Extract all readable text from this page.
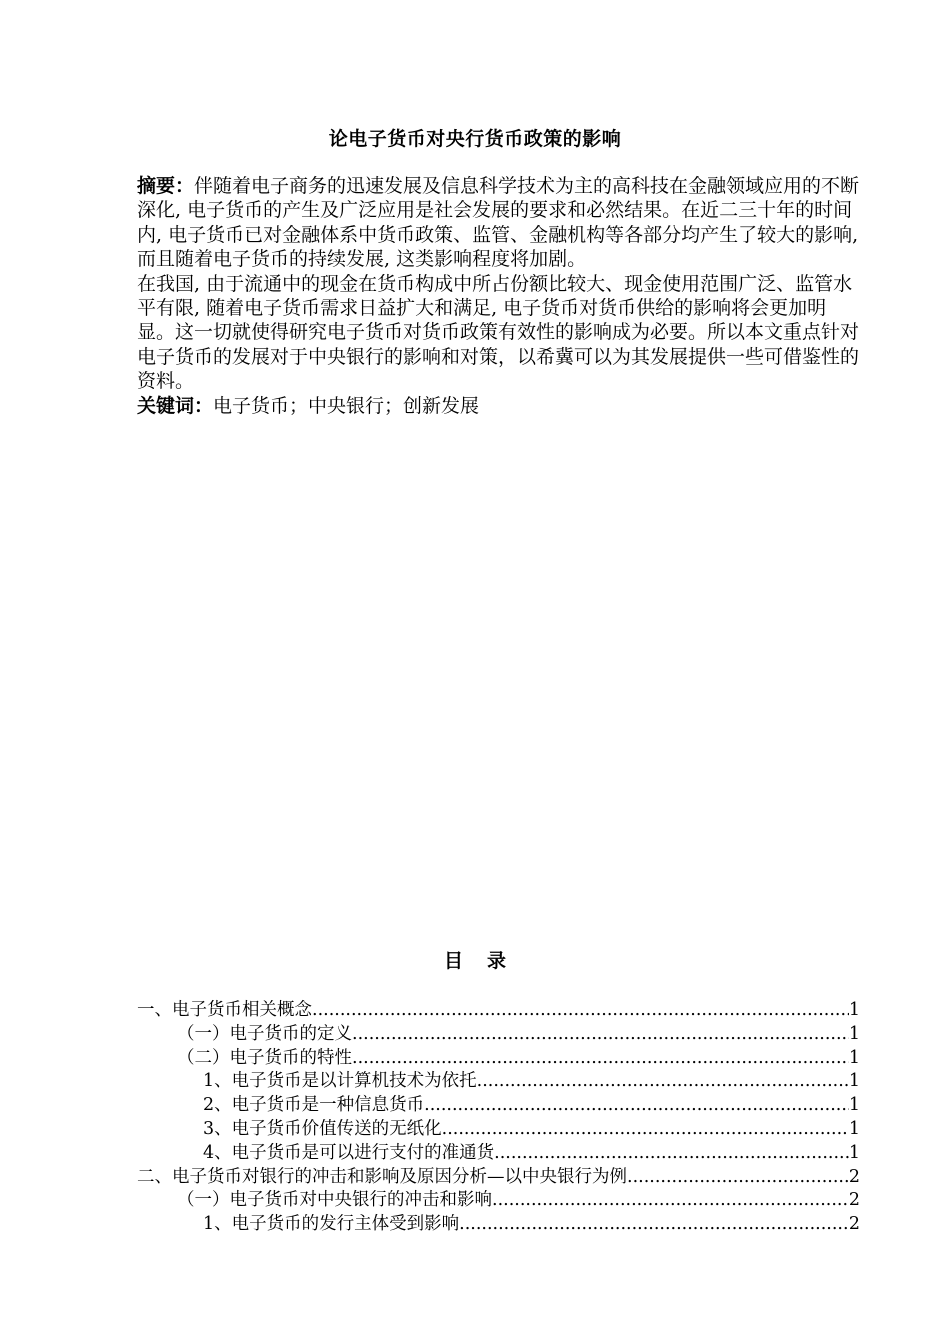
论电子货币对央行货币政策的影响

摘要：伴随着电子商务的迅速发展及信息科学技术为主的高科技在金融领域应用的不断深化, 电子货币的产生及广泛应用是社会发展的要求和必然结果。在近二三十年的时间内, 电子货币已对金融体系中货币政策、监管、金融机构等各部分均产生了较大的影响, 而且随着电子货币的持续发展, 这类影响程度将加剧。

在我国, 由于流通中的现金在货币构成中所占份额比较大、现金使用范围广泛、监管水平有限, 随着电子货币需求日益扩大和满足, 电子货币对货币供给的影响将会更加明显。这一切就使得研究电子货币对货币政策有效性的影响成为必要。所以本文重点针对电子货币的发展对于中央银行的影响和对策，以希冀可以为其发展提供一些可借鉴性的资料。

关键词：电子货币；中央银行；创新发展

目 录
一、电子货币相关概念 .....	1
（一）电子货币的定义 .....	1
（二）电子货币的特性 .....	1
1、电子货币是以计算机技术为依托 .....	1
2、电子货币是一种信息货币 .....	1
3、电子货币价值传送的无纸化 .....	1
4、电子货币是可以进行支付的准通货 .....	1
二、电子货币对银行的冲击和影响及原因分析—以中央银行为例 .....	2
（一）电子货币对中央银行的冲击和影响 .....	2
1、电子货币的发行主体受到影响 .....	2
